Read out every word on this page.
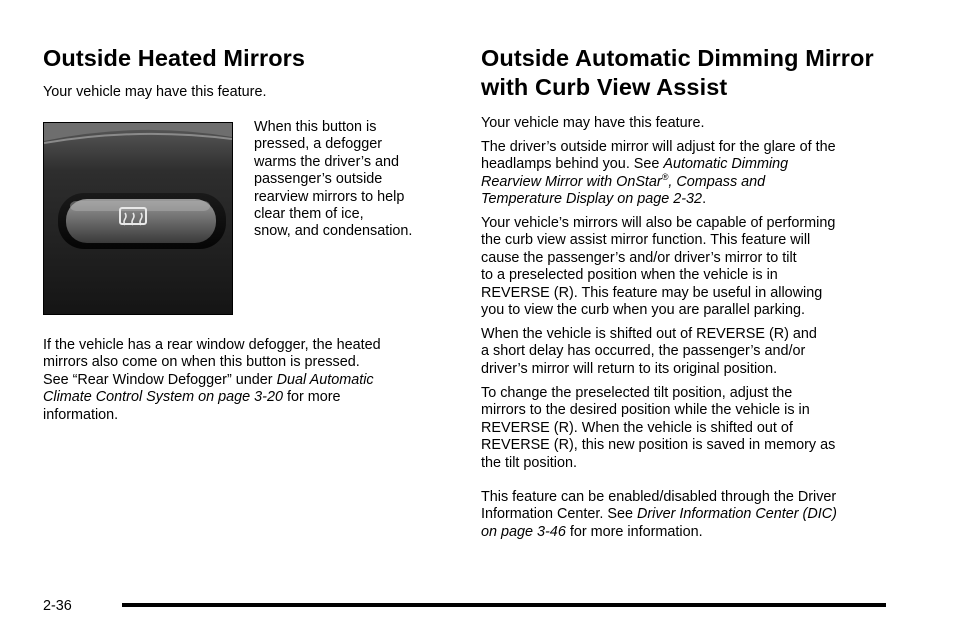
Outside Heated Mirrors

Your vehicle may have this feature.

When this button is

pressed, a defogger

warms the driver’s and

passenger’s outside

rearview mirrors to help

clear them of ice,

snow, and condensation.

If the vehicle has a rear window defogger, the heated

mirrors also come on when this button is pressed.

See “Rear Window Defogger” under Dual Automatic

Climate Control System on page 3-20 for more

information.

Outside Automatic Dimming Mirror
with Curb View Assist

Your vehicle may have this feature.

The driver’s outside mirror will adjust for the glare of the

headlamps behind you. See Automatic Dimming

Rearview Mirror with OnStar®, Compass and

Temperature Display on page 2-32.

Your vehicle’s mirrors will also be capable of performing

the curb view assist mirror function. This feature will

cause the passenger’s and/or driver’s mirror to tilt

to a preselected position when the vehicle is in

REVERSE (R). This feature may be useful in allowing

you to view the curb when you are parallel parking.

When the vehicle is shifted out of REVERSE (R) and

a short delay has occurred, the passenger’s and/or

driver’s mirror will return to its original position.

To change the preselected tilt position, adjust the

mirrors to the desired position while the vehicle is in

REVERSE (R). When the vehicle is shifted out of

REVERSE (R), this new position is saved in memory as

the tilt position.

This feature can be enabled/disabled through the Driver

Information Center. See Driver Information Center (DIC)

on page 3-46 for more information.

2-36
